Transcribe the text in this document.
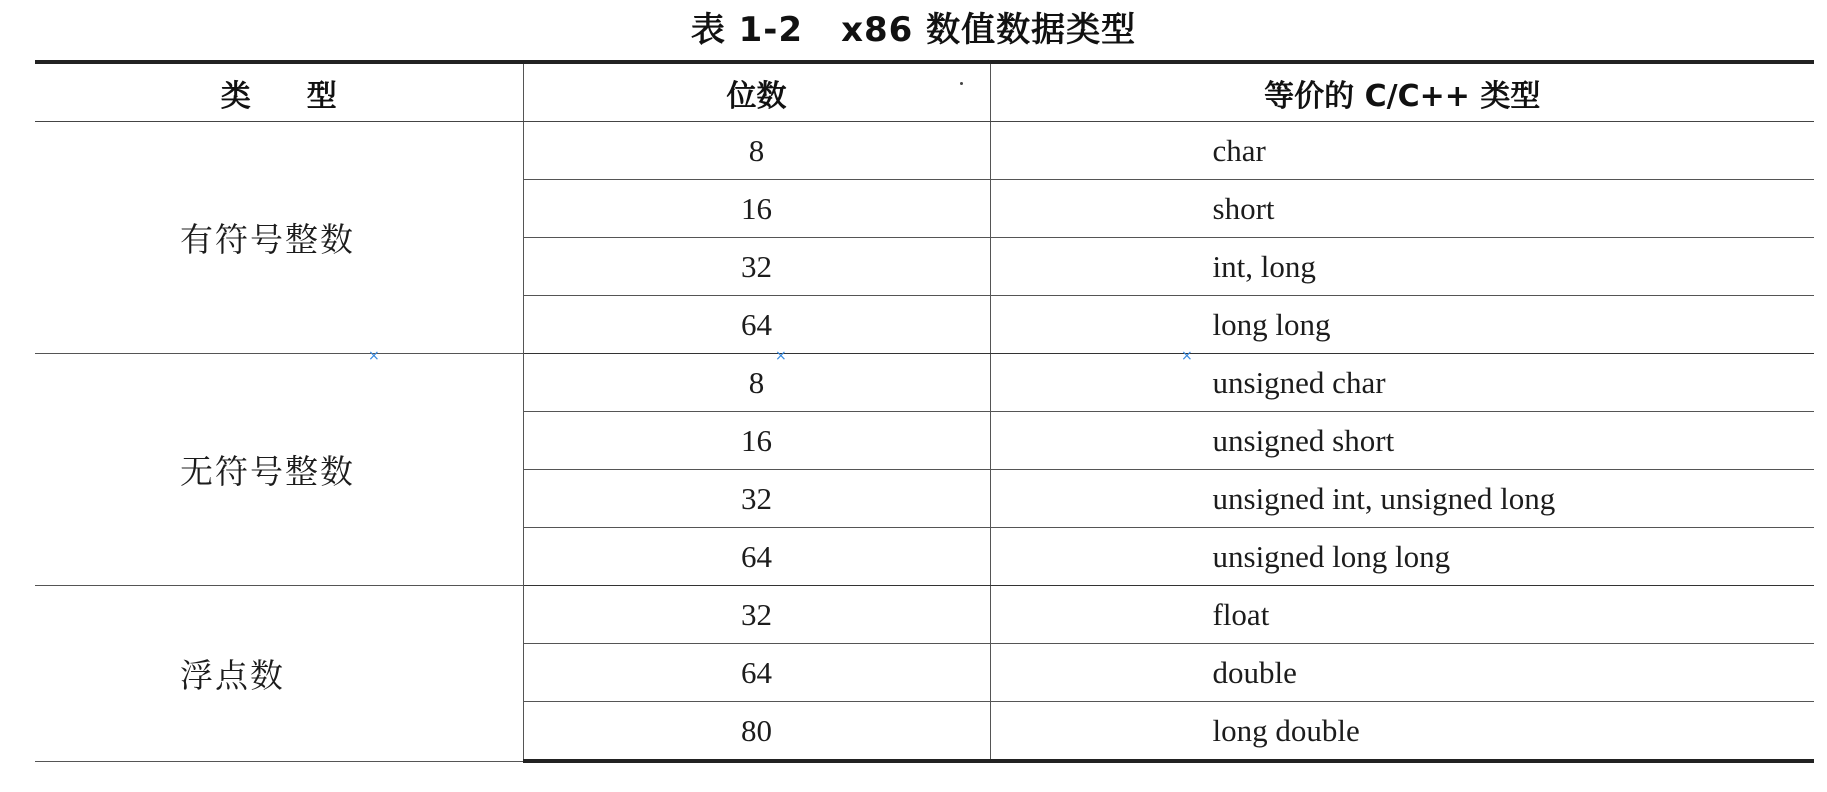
表 1-2 x86 数值数据类型
类型	位数	等价的 C/C++ 类型
有符号整数	8	char
	16	short
	32	int, long
	64	long long
无符号整数	8	unsigned char
	16	unsigned short
	32	unsigned int, unsigned long
	64	unsigned long long
浮点数	32	float
	64	double
	80	long double
×	×	×
